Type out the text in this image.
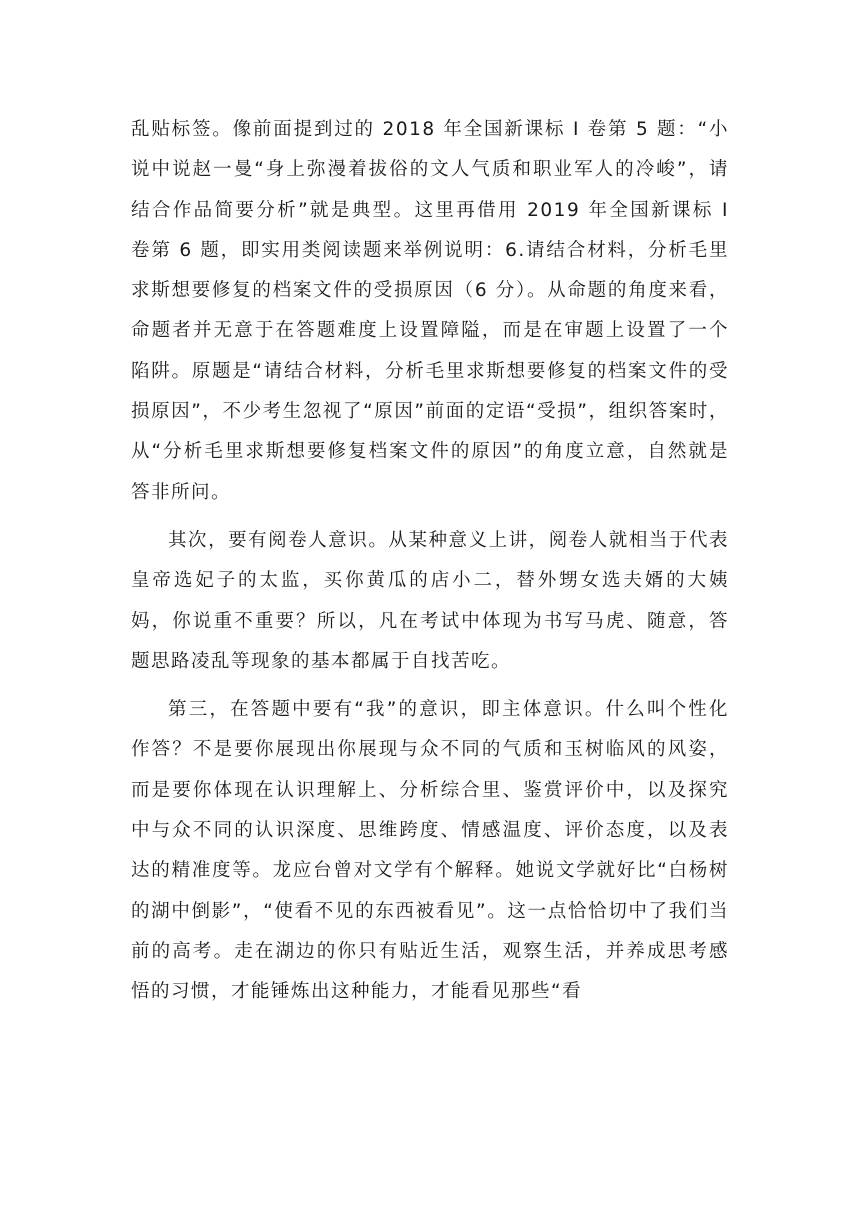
乱贴标签。像前面提到过的 2018 年全国新课标 I 卷第 5 题：“小说中说赵一曼“身上弥漫着拔俗的文人气质和职业军人的冷峻”，请结合作品简要分析”就是典型。这里再借用 2019 年全国新课标 I 卷第 6 题，即实用类阅读题来举例说明：6.请结合材料，分析毛里求斯想要修复的档案文件的受损原因（6 分）。从命题的角度来看，命题者并无意于在答题难度上设置障隘，而是在审题上设置了一个陷阱。原题是“请结合材料，分析毛里求斯想要修复的档案文件的受损原因”，不少考生忽视了“原因”前面的定语“受损”，组织答案时，从“分析毛里求斯想要修复档案文件的原因”的角度立意，自然就是答非所问。

其次，要有阅卷人意识。从某种意义上讲，阅卷人就相当于代表皇帝选妃子的太监，买你黄瓜的店小二，替外甥女选夫婿的大姨妈，你说重不重要？所以，凡在考试中体现为书写马虎、随意，答题思路凌乱等现象的基本都属于自找苦吃。

第三，在答题中要有“我”的意识，即主体意识。什么叫个性化作答？不是要你展现出你展现与众不同的气质和玉树临风的风姿，而是要你体现在认识理解上、分析综合里、鉴赏评价中，以及探究中与众不同的认识深度、思维跨度、情感温度、评价态度，以及表达的精准度等。龙应台曾对文学有个解释。她说文学就好比“白杨树的湖中倒影”，“使看不见的东西被看见”。这一点恰恰切中了我们当前的高考。走在湖边的你只有贴近生活，观察生活，并养成思考感悟的习惯，才能锤炼出这种能力，才能看见那些“看
